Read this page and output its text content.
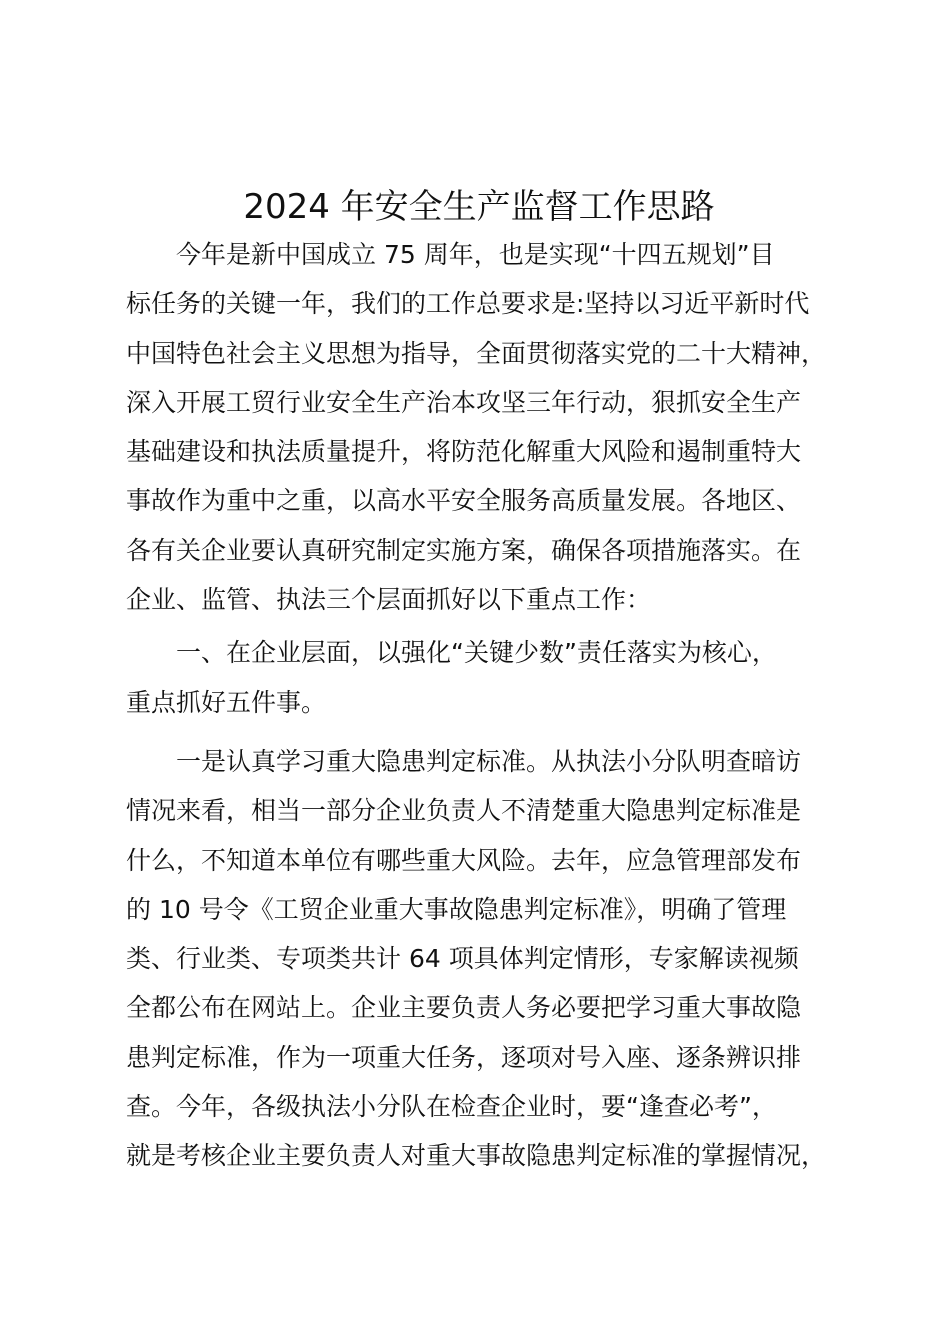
2024 年安全生产监督工作思路
今年是新中国成立 75 周年，也是实现“十四五规划”目
标任务的关键一年，我们的工作总要求是:坚持以习近平新时代
中国特色社会主义思想为指导，全面贯彻落实党的二十大精神，
深入开展工贸行业安全生产治本攻坚三年行动，狠抓安全生产
基础建设和执法质量提升，将防范化解重大风险和遏制重特大
事故作为重中之重，以高水平安全服务高质量发展。各地区、
各有关企业要认真研究制定实施方案，确保各项措施落实。在
企业、监管、执法三个层面抓好以下重点工作：
一、在企业层面，以强化“关键少数”责任落实为核心，
重点抓好五件事。
一是认真学习重大隐患判定标准。从执法小分队明查暗访
情况来看，相当一部分企业负责人不清楚重大隐患判定标准是
什么，不知道本单位有哪些重大风险。去年，应急管理部发布
的 10 号令《工贸企业重大事故隐患判定标准》，明确了管理
类、行业类、专项类共计 64 项具体判定情形，专家解读视频
全都公布在网站上。企业主要负责人务必要把学习重大事故隐
患判定标准，作为一项重大任务，逐项对号入座、逐条辨识排
查。今年，各级执法小分队在检查企业时，要“逢查必考”，
就是考核企业主要负责人对重大事故隐患判定标准的掌握情况，
